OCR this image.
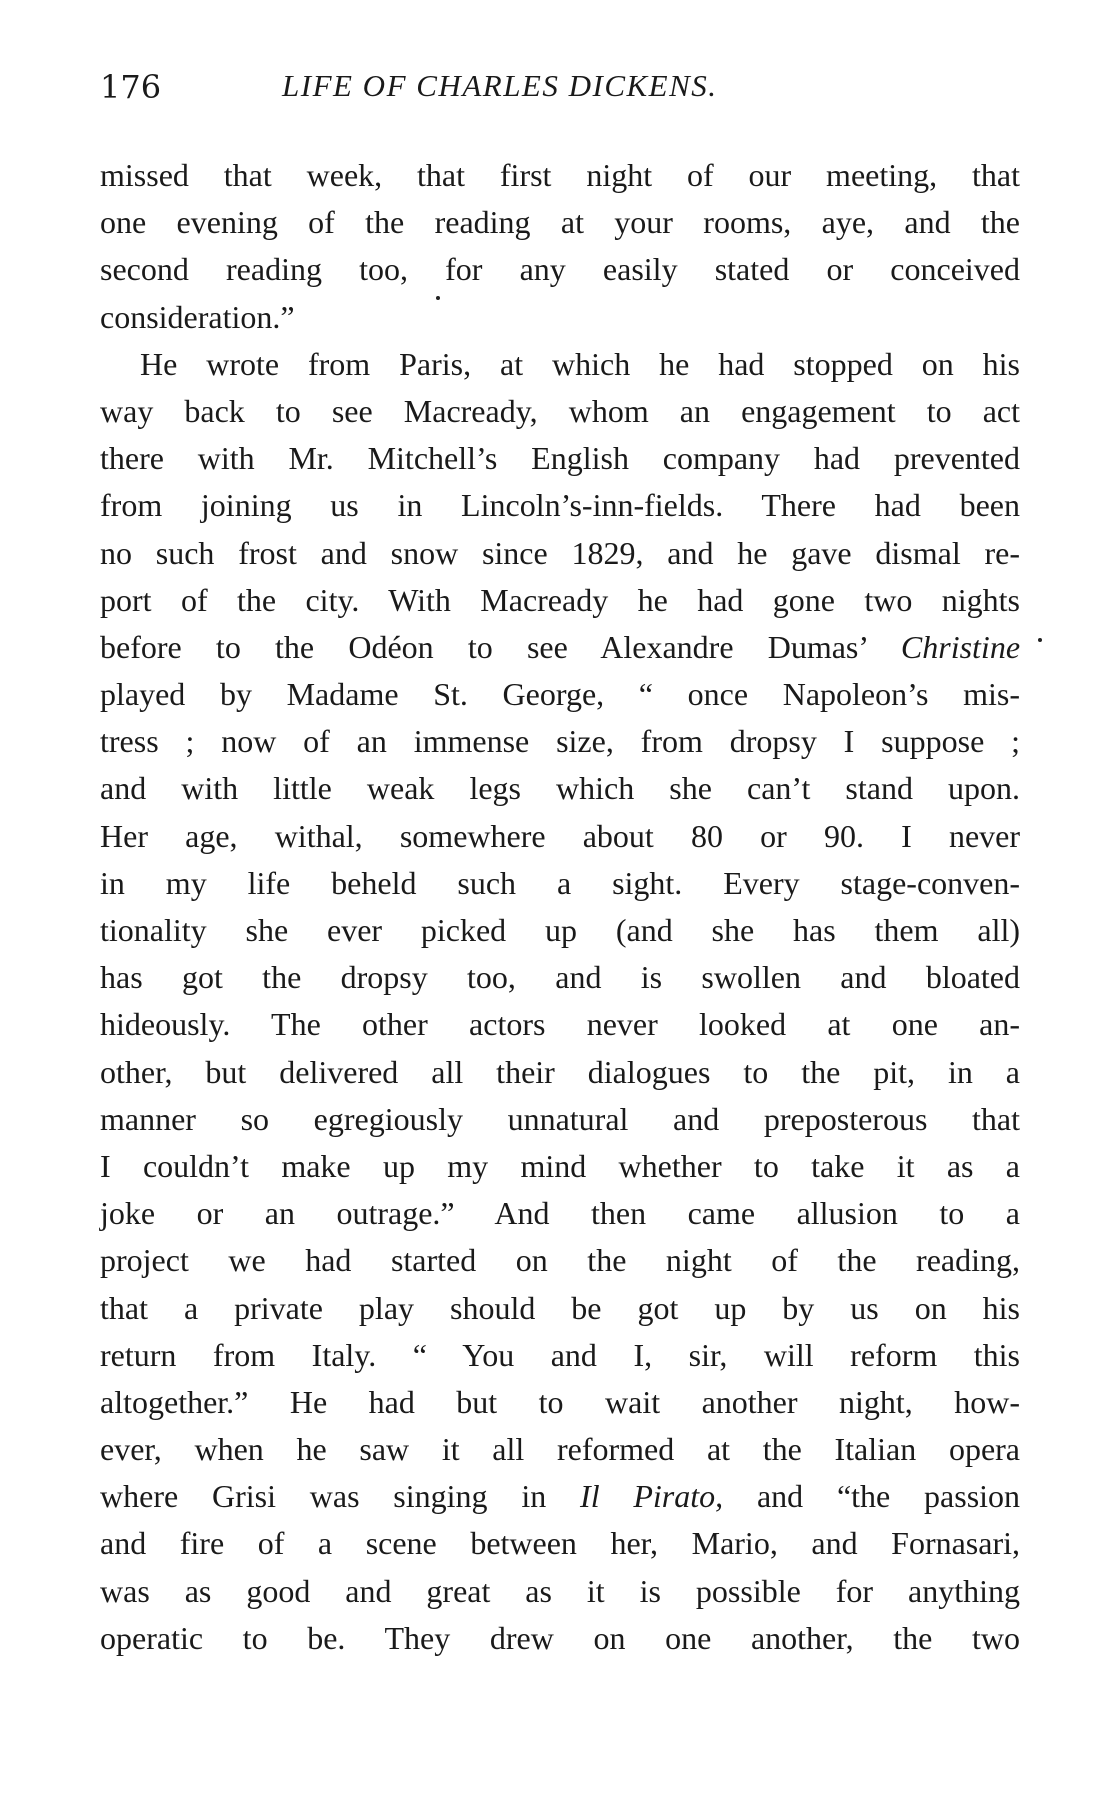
176	LIFE OF CHARLES DICKENS.
missed that week, that first night of our meeting, that
one evening of the reading at your rooms, aye, and the
second reading too, for any easily stated or conceived
consideration.”
He wrote from Paris, at which he had stopped on his
way back to see Macready, whom an engagement to act
there with Mr. Mitchell’s English company had prevented
from joining us in Lincoln’s-inn-fields. There had been
no such frost and snow since 1829, and he gave dismal re-
port of the city. With Macready he had gone two nights
before to the Odéon to see Alexandre Dumas’ Christine
played by Madame St. George, “ once Napoleon’s mis-
tress ; now of an immense size, from dropsy I suppose ;
and with little weak legs which she can’t stand upon.
Her age, withal, somewhere about 80 or 90. I never
in my life beheld such a sight. Every stage-conven-
tionality she ever picked up (and she has them all)
has got the dropsy too, and is swollen and bloated
hideously. The other actors never looked at one an-
other, but delivered all their dialogues to the pit, in a
manner so egregiously unnatural and preposterous that
I couldn’t make up my mind whether to take it as a
joke or an outrage.” And then came allusion to a
project we had started on the night of the reading,
that a private play should be got up by us on his
return from Italy. “ You and I, sir, will reform this
altogether.” He had but to wait another night, how-
ever, when he saw it all reformed at the Italian opera
where Grisi was singing in Il Pirato, and “the passion
and fire of a scene between her, Mario, and Fornasari,
was as good and great as it is possible for anything
operatic to be. They drew on one another, the two
